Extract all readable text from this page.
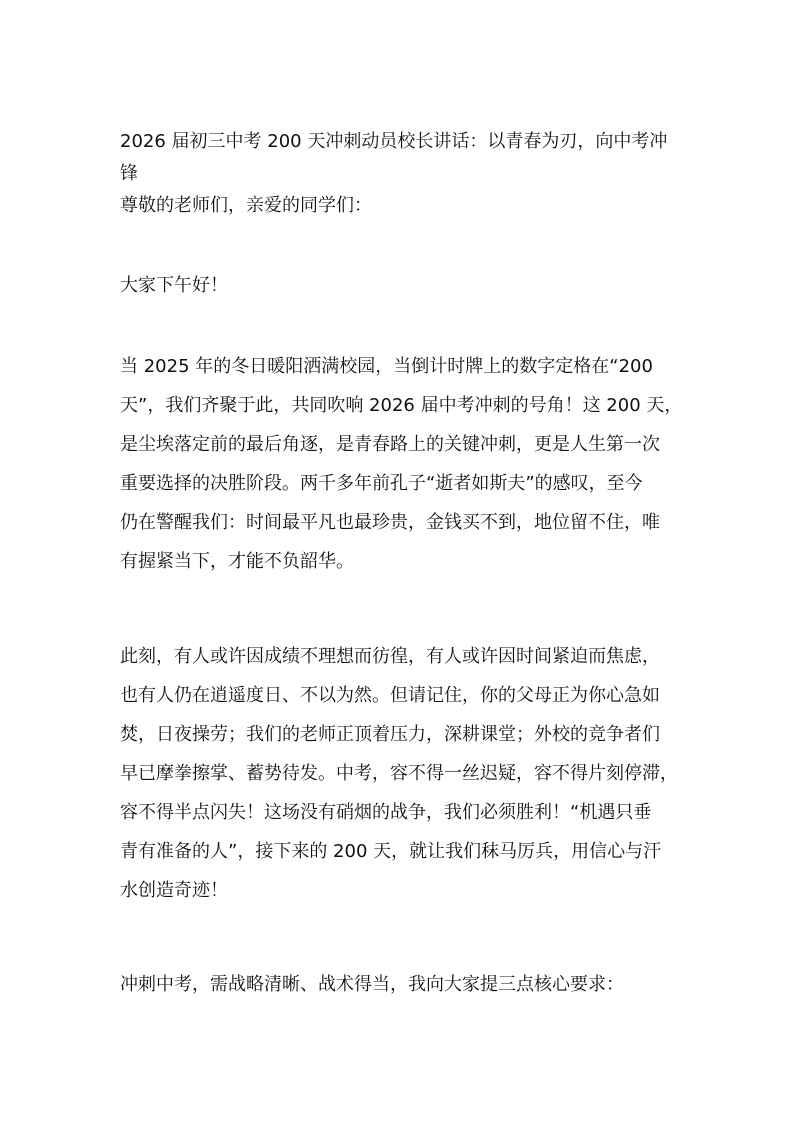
2026 届初三中考 200 天冲刺动员校长讲话：以青春为刃，向中考冲

锋

尊敬的老师们，亲爱的同学们：

大家下午好！

当 2025 年的冬日暖阳洒满校园，当倒计时牌上的数字定格在“200

天”，我们齐聚于此，共同吹响 2026 届中考冲刺的号角！这 200 天，

是尘埃落定前的最后角逐，是青春路上的关键冲刺，更是人生第一次

重要选择的决胜阶段。两千多年前孔子“逝者如斯夫”的感叹，至今

仍在警醒我们：时间最平凡也最珍贵，金钱买不到，地位留不住，唯

有握紧当下，才能不负韶华。

此刻，有人或许因成绩不理想而彷徨，有人或许因时间紧迫而焦虑，

也有人仍在逍遥度日、不以为然。但请记住，你的父母正为你心急如

焚，日夜操劳；我们的老师正顶着压力，深耕课堂；外校的竞争者们

早已摩拳擦掌、蓄势待发。中考，容不得一丝迟疑，容不得片刻停滞，

容不得半点闪失！这场没有硝烟的战争，我们必须胜利！“机遇只垂

青有准备的人”，接下来的 200 天，就让我们秣马厉兵，用信心与汗

水创造奇迹！

冲刺中考，需战略清晰、战术得当，我向大家提三点核心要求：
